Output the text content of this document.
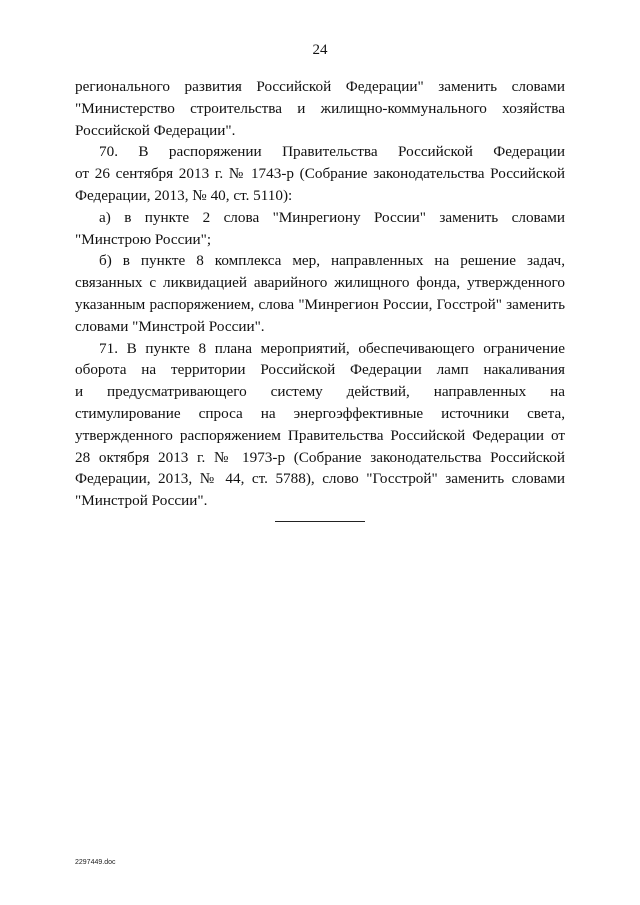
24
регионального развития Российской Федерации" заменить словами
"Министерство строительства и жилищно-коммунального хозяйства
Российской Федерации".
70. В распоряжении Правительства Российской Федерации
от 26 сентября 2013 г. № 1743-р (Собрание законодательства Российской
Федерации, 2013, № 40, ст. 5110):
а) в пункте 2 слова "Минрегиону России" заменить словами
"Минстрою России";
б) в пункте 8 комплекса мер, направленных на решение задач,
связанных с ликвидацией аварийного жилищного фонда, утвержденного
указанным распоряжением, слова "Минрегион России, Госстрой" заменить
словами "Минстрой России".
71. В пункте 8 плана мероприятий, обеспечивающего ограничение
оборота на территории Российской Федерации ламп накаливания
и предусматривающего систему действий, направленных на
стимулирование спроса на энергоэффективные источники света,
утвержденного распоряжением Правительства Российской Федерации от
28 октября 2013 г. № 1973-р (Собрание законодательства Российской
Федерации, 2013, № 44, ст. 5788), слово "Госстрой" заменить словами
"Минстрой России".
2297449.doc
